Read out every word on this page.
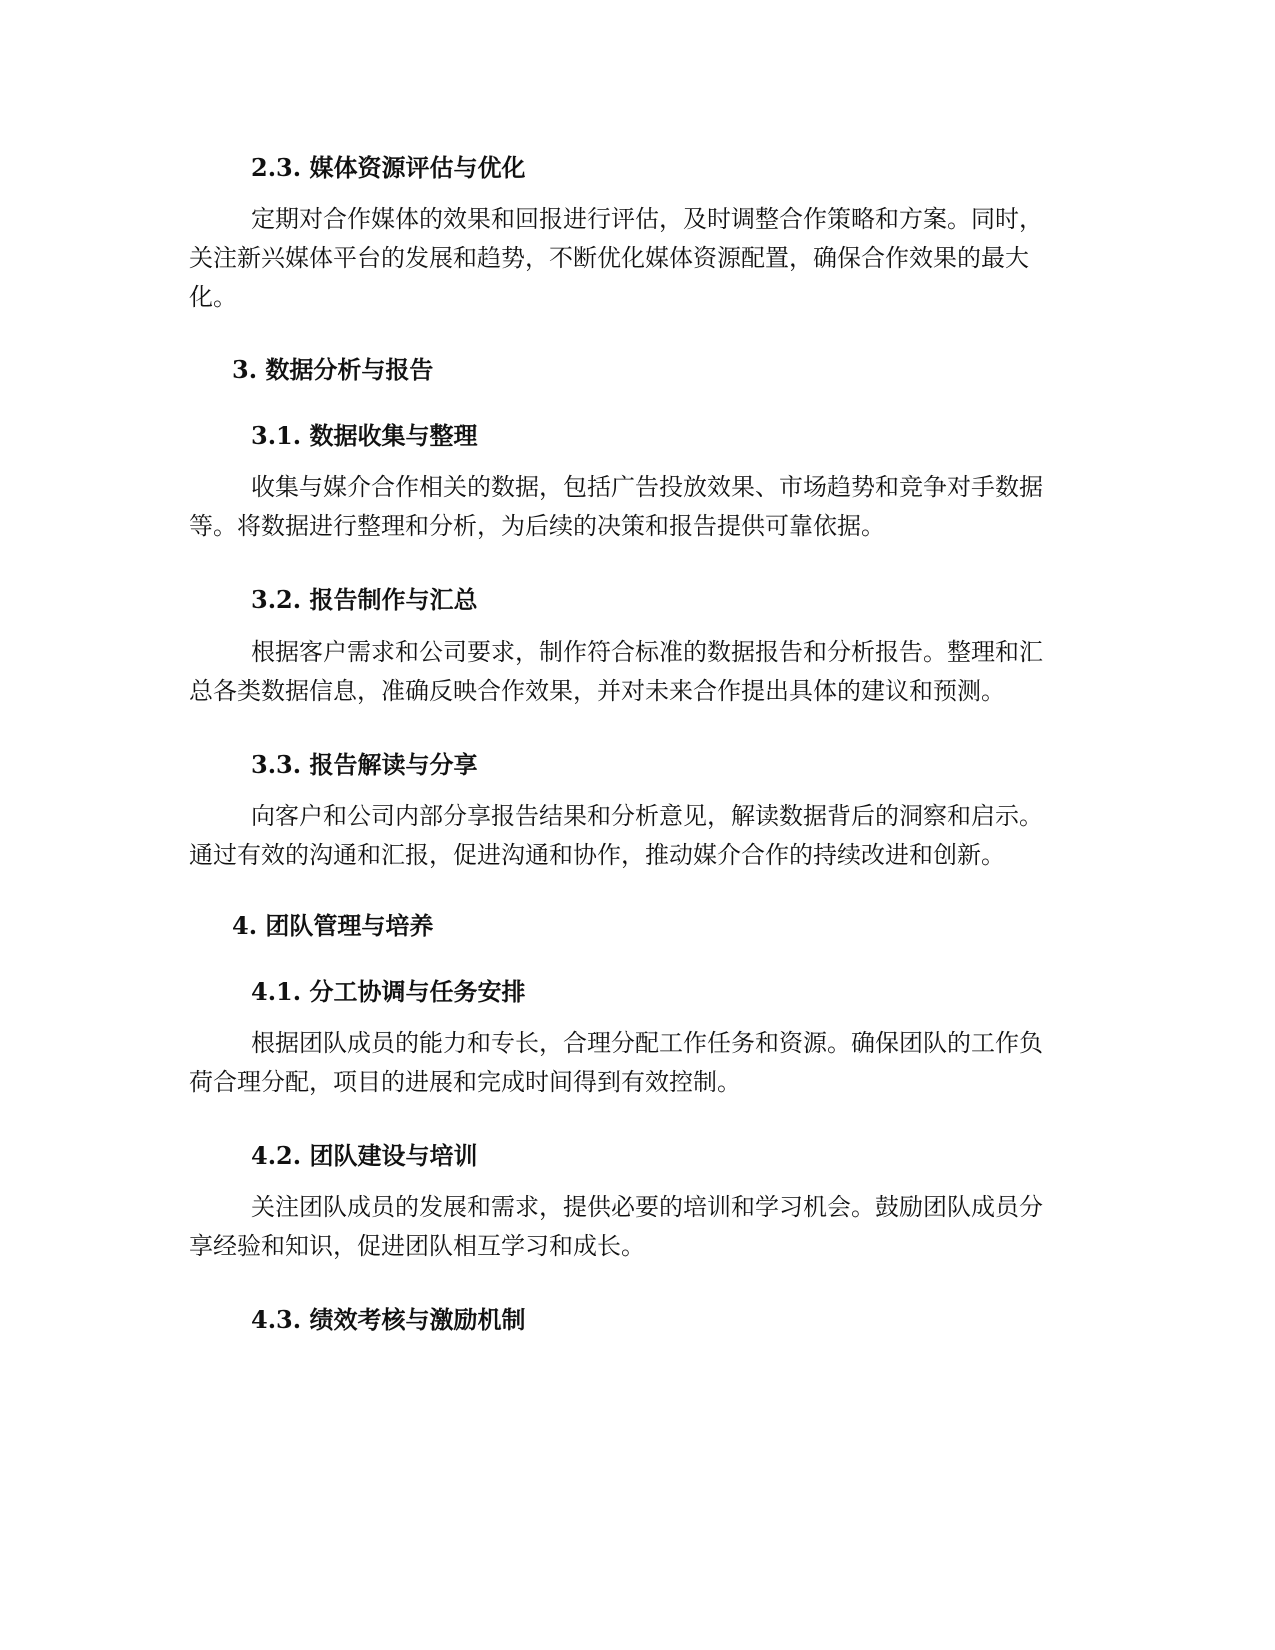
2.3. 媒体资源评估与优化

定期对合作媒体的效果和回报进行评估，及时调整合作策略和方案。同时，
关注新兴媒体平台的发展和趋势，不断优化媒体资源配置，确保合作效果的最大
化。

3. 数据分析与报告
3.1. 数据收集与整理

收集与媒介合作相关的数据，包括广告投放效果、市场趋势和竞争对手数据
等。将数据进行整理和分析，为后续的决策和报告提供可靠依据。

3.2. 报告制作与汇总

根据客户需求和公司要求，制作符合标准的数据报告和分析报告。整理和汇
总各类数据信息，准确反映合作效果，并对未来合作提出具体的建议和预测。

3.3. 报告解读与分享

向客户和公司内部分享报告结果和分析意见，解读数据背后的洞察和启示。
通过有效的沟通和汇报，促进沟通和协作，推动媒介合作的持续改进和创新。

4. 团队管理与培养
4.1. 分工协调与任务安排

根据团队成员的能力和专长，合理分配工作任务和资源。确保团队的工作负
荷合理分配，项目的进展和完成时间得到有效控制。

4.2. 团队建设与培训

关注团队成员的发展和需求，提供必要的培训和学习机会。鼓励团队成员分
享经验和知识，促进团队相互学习和成长。

4.3. 绩效考核与激励机制
